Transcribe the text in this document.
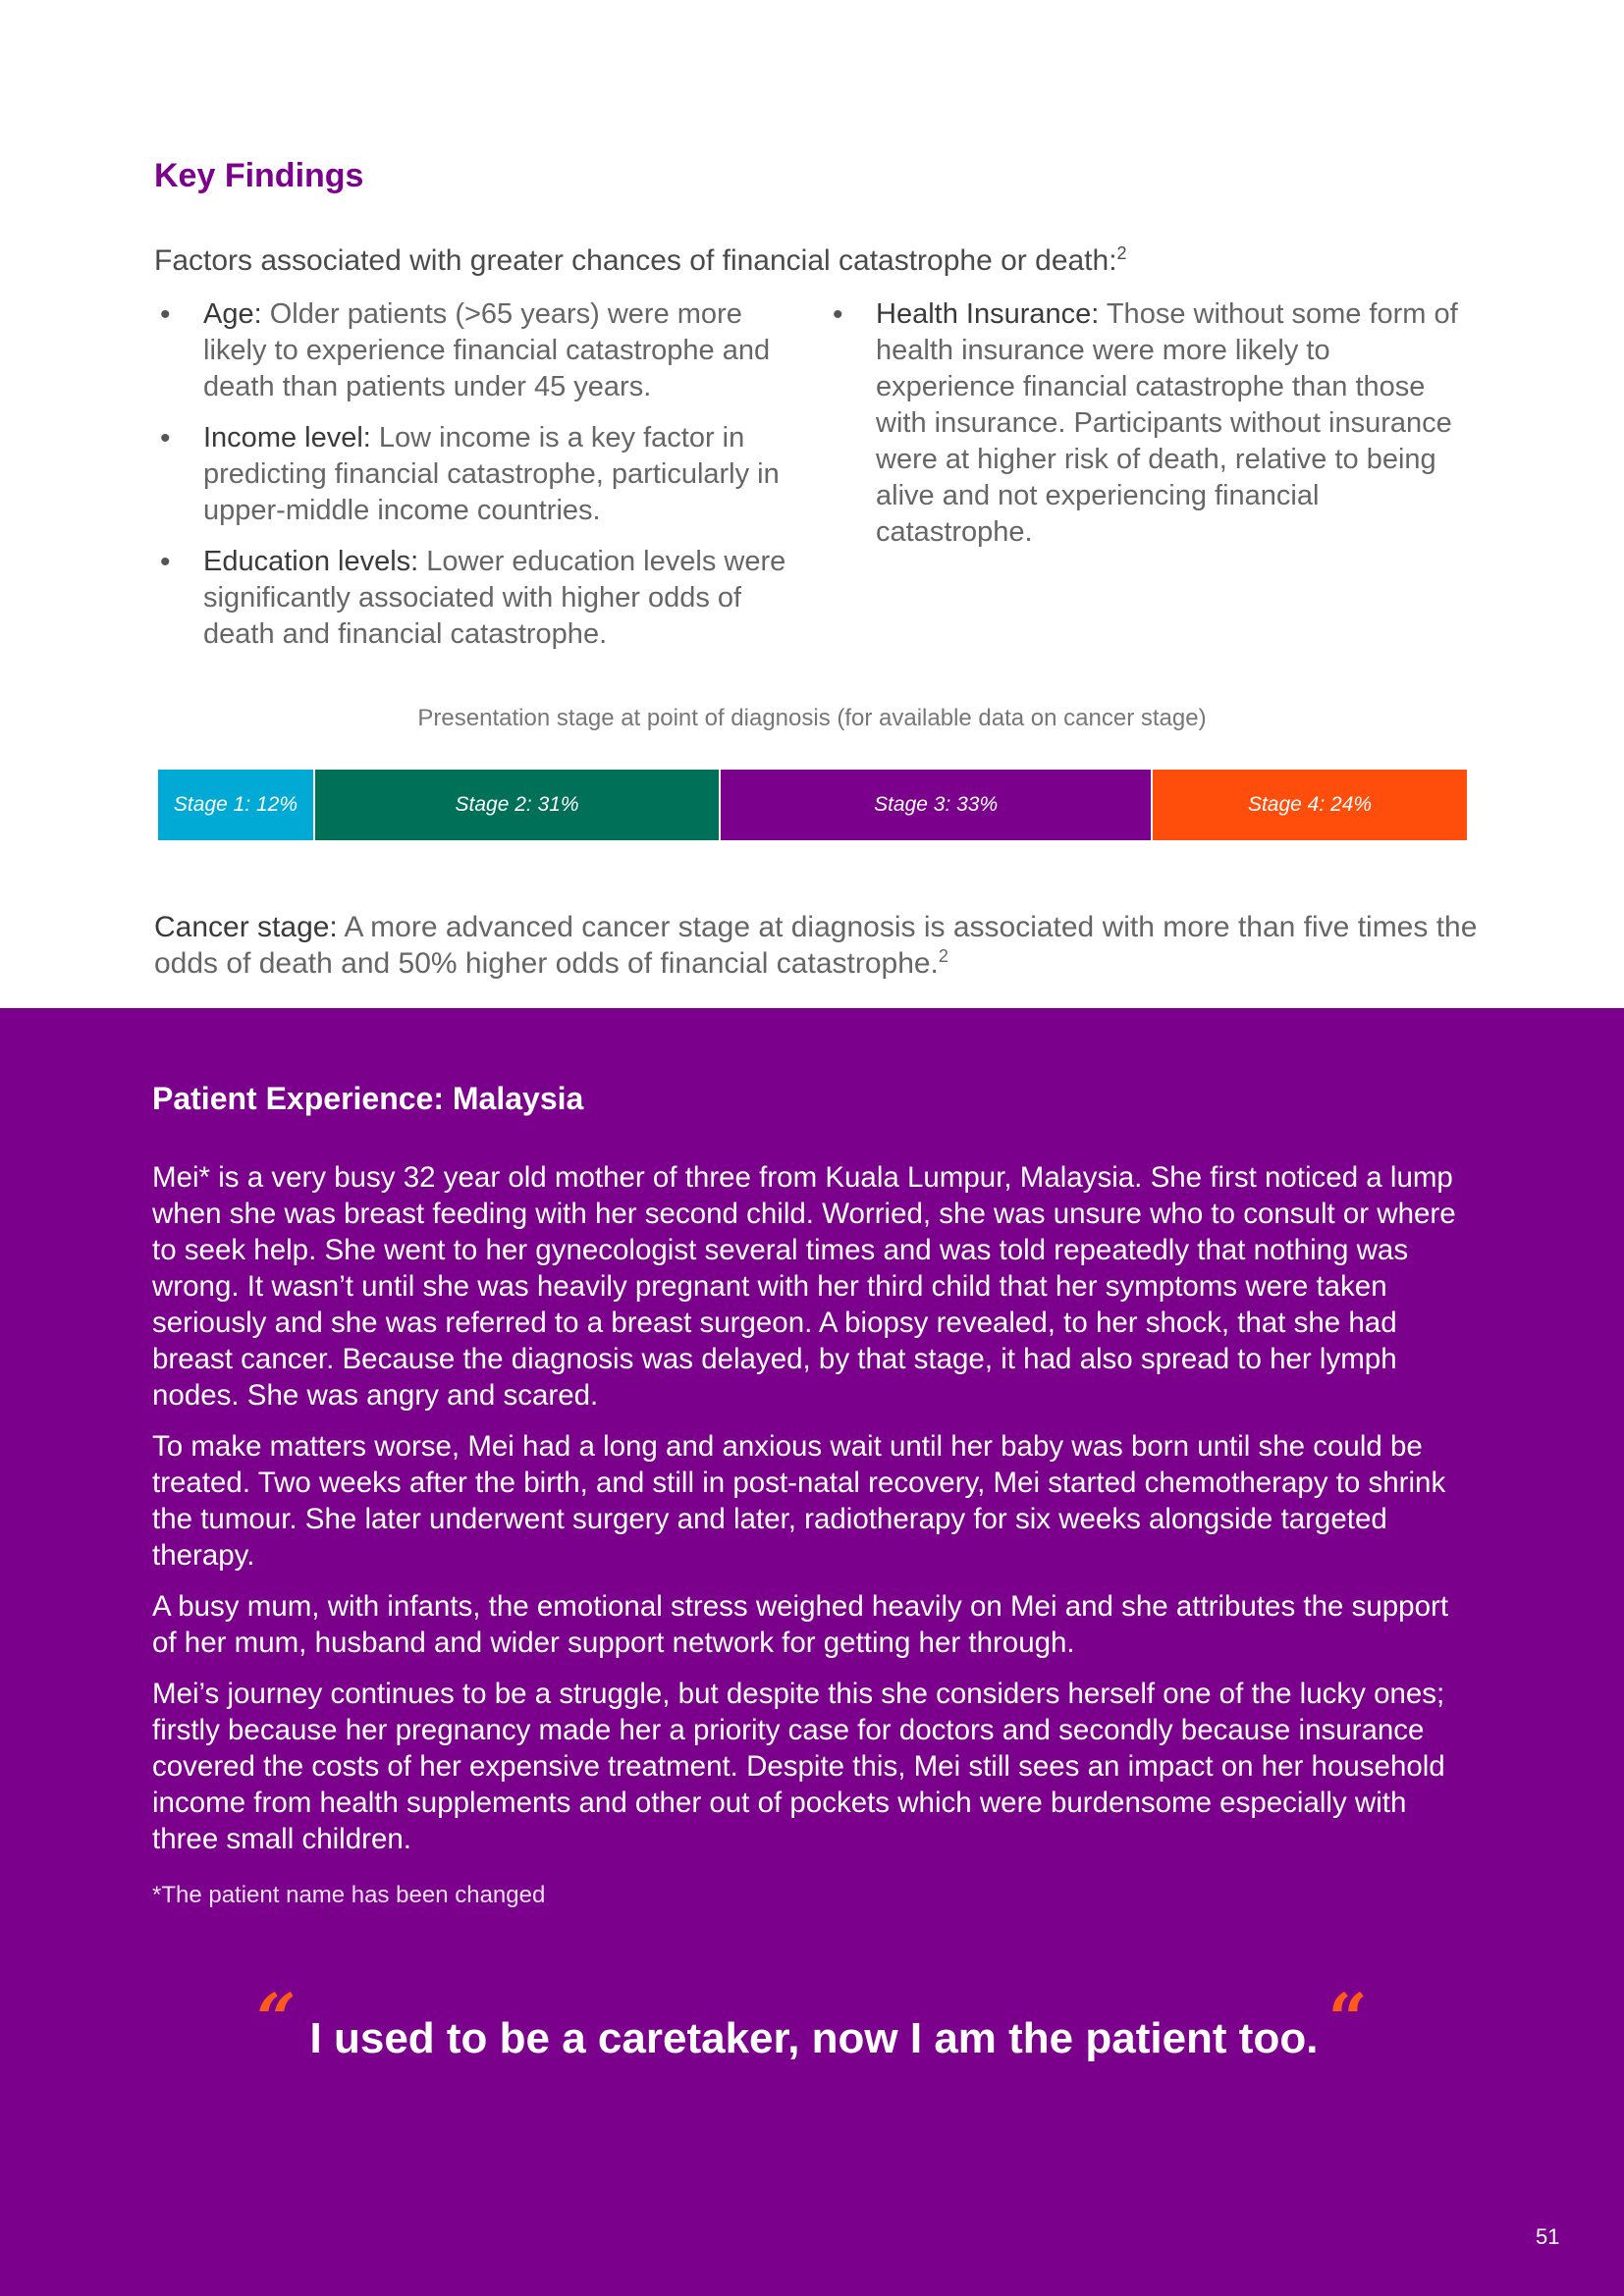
Key Findings

Factors associated with greater chances of financial catastrophe or death:$^2$

• Age: Older patients (>65 years) were more likely to experience financial catastrophe and death than patients under 45 years.
• Income level: Low income is a key factor in predicting financial catastrophe, particularly in upper-middle income countries.
• Education levels: Lower education levels were significantly associated with higher odds of death and financial catastrophe.
• Health Insurance: Those without some form of health insurance were more likely to experience financial catastrophe than those with insurance. Participants without insurance were at higher risk of death, relative to being alive and not experiencing financial catastrophe.
Presentation stage at point of diagnosis (for available data on cancer stage)
Stage 1: 12%	Stage 2: 31%	Stage 3: 33%	Stage 4: 24%

Cancer stage: A more advanced cancer stage at diagnosis is associated with more than five times the odds of death and 50% higher odds of financial catastrophe.$^2$

Patient Experience: Malaysia

Mei* is a very busy 32 year old mother of three from Kuala Lumpur, Malaysia. She first noticed a lump when she was breast feeding with her second child. Worried, she was unsure who to consult or where to seek help. She went to her gynecologist several times and was told repeatedly that nothing was wrong. It wasn’t until she was heavily pregnant with her third child that her symptoms were taken seriously and she was referred to a breast surgeon. A biopsy revealed, to her shock, that she had breast cancer. Because the diagnosis was delayed, by that stage, it had also spread to her lymph nodes. She was angry and scared.

To make matters worse, Mei had a long and anxious wait until her baby was born until she could be treated. Two weeks after the birth, and still in post-natal recovery, Mei started chemotherapy to shrink the tumour. She later underwent surgery and later, radiotherapy for six weeks alongside targeted therapy.

A busy mum, with infants, the emotional stress weighed heavily on Mei and she attributes the support of her mum, husband and wider support network for getting her through.

Mei’s journey continues to be a struggle, but despite this she considers herself one of the lucky ones; firstly because her pregnancy made her a priority case for doctors and secondly because insurance covered the costs of her expensive treatment. Despite this, Mei still sees an impact on her household income from health supplements and other out of pockets which were burdensome especially with three small children.

*The patient name has been changed

“ I used to be a caretaker, now I am the patient too. “

51
